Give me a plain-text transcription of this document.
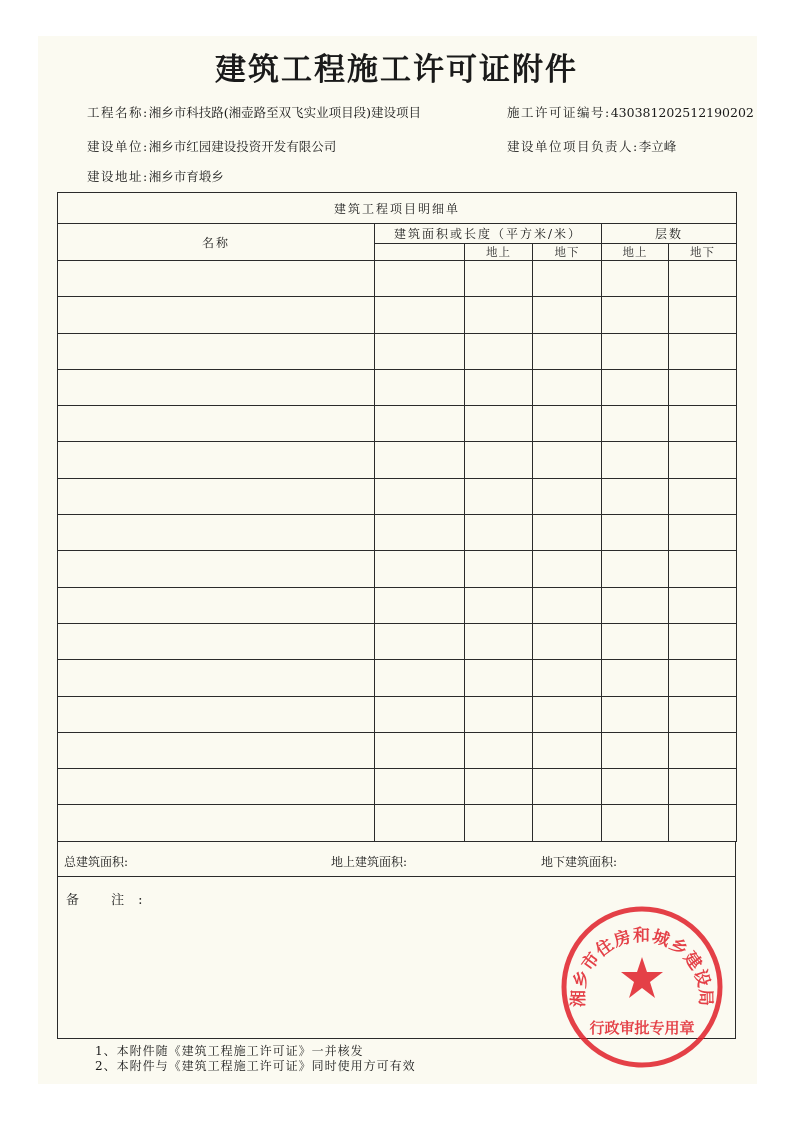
建筑工程施工许可证附件
工程名称:湘乡市科技路(湘壶路至双飞实业项目段)建设项目	施工许可证编号:430381202512190202
建设单位:湘乡市红园建设投资开发有限公司	建设单位项目负责人:李立峰
建设地址:湘乡市育塅乡
建筑工程项目明细单					
名称	建筑面积或长度（平方米/米）			层数	
		地上	地下	地上	地下

总建筑面积:	地上建筑面积:	地下建筑面积:
备 注:
1、本附件随《建筑工程施工许可证》一并核发
2、本附件与《建筑工程施工许可证》同时使用方可有效
湘乡市住房和城乡建设局
行政审批专用章
